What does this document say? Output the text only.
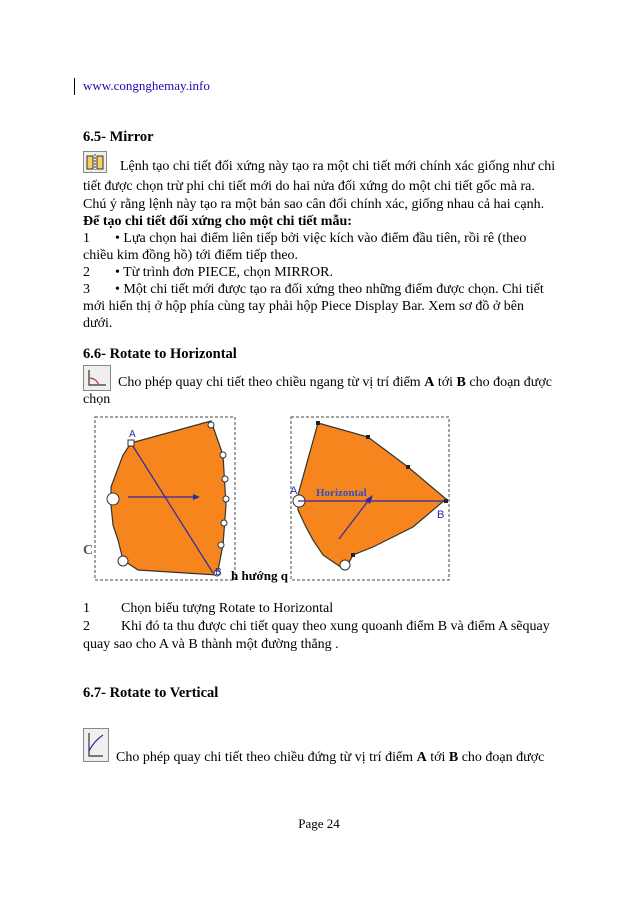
www.congnghemay.info
6.5- Mirror
Lệnh tạo chi tiết đối xứng này tạo ra một chi tiết mới chính xác giống như chi
tiết được chọn trừ phi chi tiết mới do hai nửa đối xứng do một chi tiết gốc mà ra.
Chú ý rằng lệnh này tạo ra một bản sao cân đối chính xác, giống nhau cả hai cạnh.
Để tạo chi tiết đối xứng cho một chi tiết mẫu:
1 • Lựa chọn hai điểm liên tiếp bởi việc kích vào điểm đầu tiên, rồi rê (theo
chiều kim đồng hồ) tới điểm tiếp theo.
2 • Từ trình đơn PIECE, chọn MIRROR.
3 • Một chi tiết mới được tạo ra đối xứng theo những điểm được chọn. Chi tiết
mới hiển thị ở hộp phía cùng tay phải hộp Piece Display Bar. Xem sơ đồ ở bên
dưới.
6.6- Rotate to Horizontal
Cho phép quay chi tiết theo chiều ngang từ vị trí điểm A tới B cho đoạn được
chọn
A
B
A
B
Horizontal
C
h hướng q
1 Chọn biểu tượng Rotate to Horizontal
2 Khi đó ta thu được chi tiết quay theo xung quoanh điểm B và điểm A sẽquay
quay sao cho A và B thành một đường thẳng .
6.7- Rotate to Vertical
Cho phép quay chi tiết theo chiều đứng từ vị trí điểm A tới B cho đoạn được
Page 24
